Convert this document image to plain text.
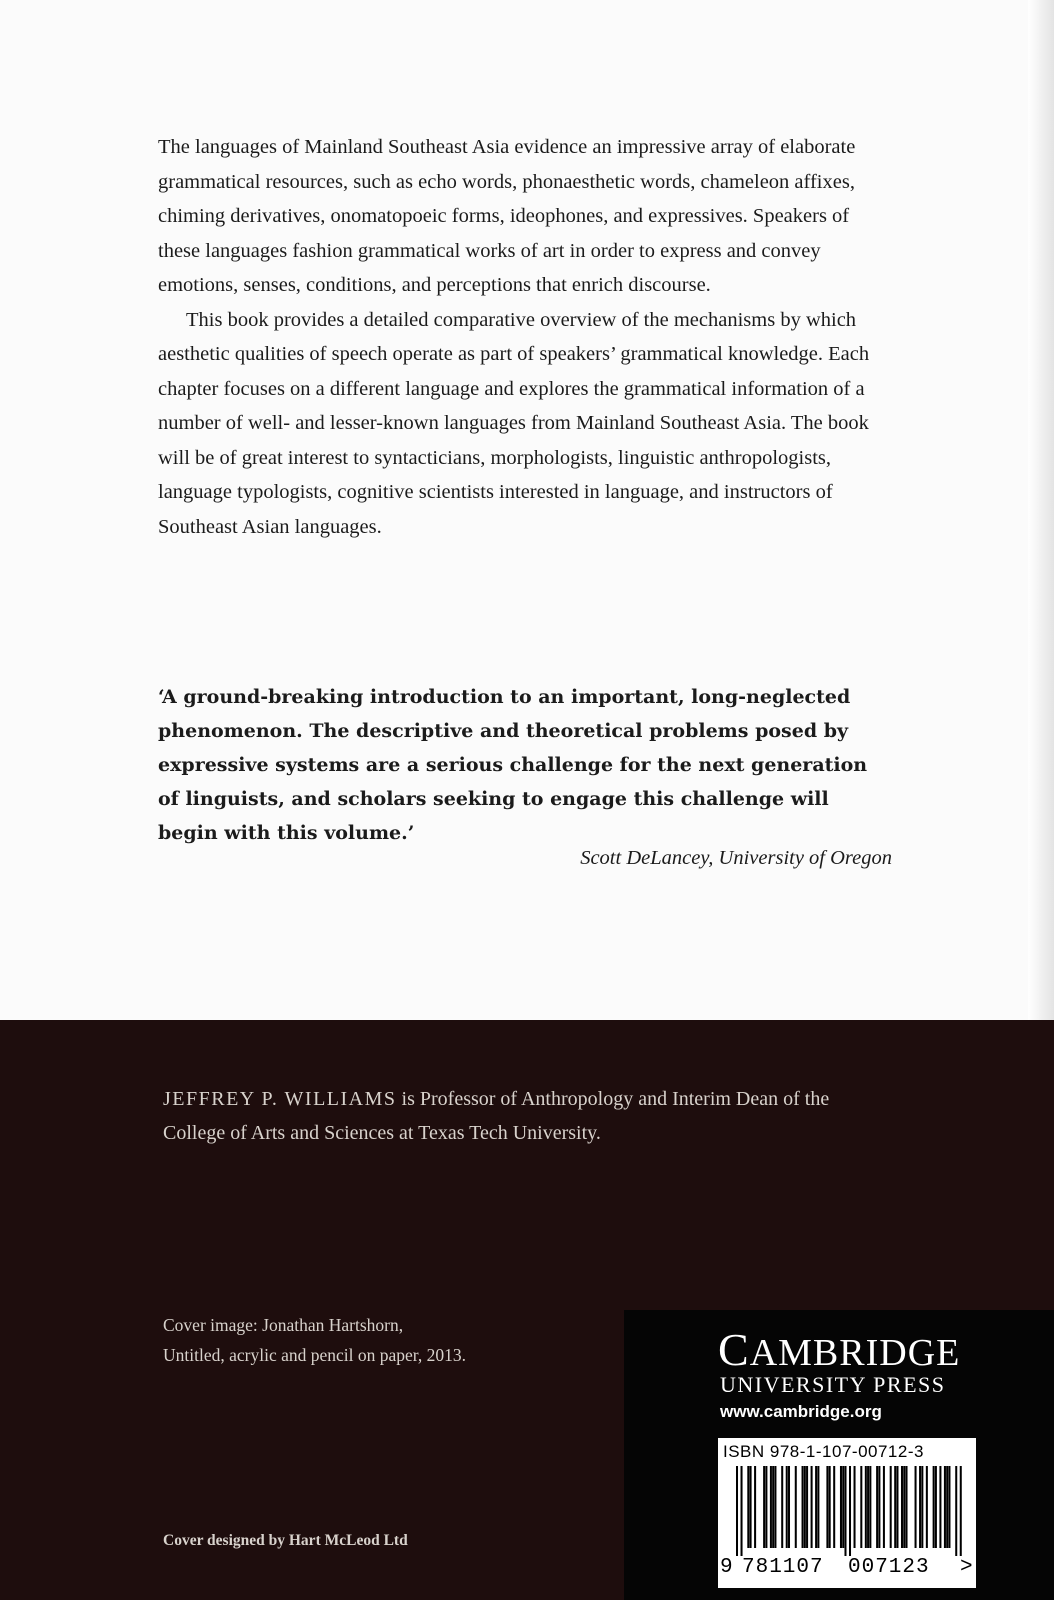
The languages of Mainland Southeast Asia evidence an impressive array of elaborate grammatical resources, such as echo words, phonaesthetic words, chameleon affixes, chiming derivatives, onomatopoeic forms, ideophones, and expressives. Speakers of these languages fashion grammatical works of art in order to express and convey emotions, senses, conditions, and perceptions that enrich discourse.

This book provides a detailed comparative overview of the mechanisms by which aesthetic qualities of speech operate as part of speakers’ grammatical knowledge. Each chapter focuses on a different language and explores the grammatical information of a number of well- and lesser-known languages from Mainland Southeast Asia. The book will be of great interest to syntacticians, morphologists, linguistic anthropologists, language typologists, cognitive scientists interested in language, and instructors of Southeast Asian languages.

‘A ground-breaking introduction to an important, long-neglected phenomenon. The descriptive and theoretical problems posed by expressive systems are a serious challenge for the next generation of linguists, and scholars seeking to engage this challenge will begin with this volume.’
Scott DeLancey, University of Oregon
JEFFREY P. WILLIAMS is Professor of Anthropology and Interim Dean of the College of Arts and Sciences at Texas Tech University.
Cover image: Jonathan Hartshorn,
Untitled, acrylic and pencil on paper, 2013.
Cover designed by Hart McLeod Ltd
CAMBRIDGE
UNIVERSITY PRESS
www.cambridge.org
ISBN 978-1-107-00712-3
9 781107 007123 >
